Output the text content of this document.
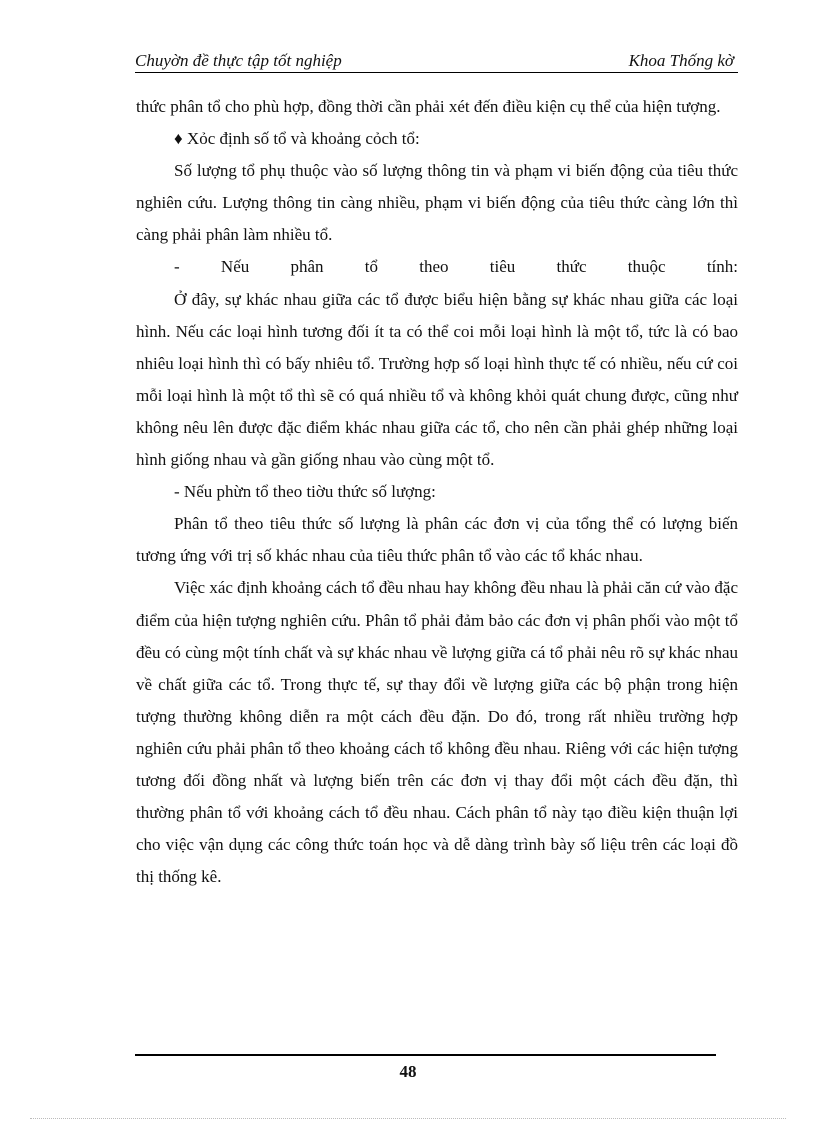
Chuyờn đề thực tập tốt nghiệp	Khoa Thống kờ

thức phân tổ cho phù hợp, đồng thời cần phải xét đến điều kiện cụ thể của hiện tượng.

♦ Xỏc định số tổ và khoảng cỏch tổ:

Số lượng tổ phụ thuộc vào số lượng thông tin và phạm vi biến động của tiêu thức nghiên cứu. Lượng thông tin càng nhiều, phạm vi biến động của tiêu thức càng lớn thì càng phải phân làm nhiều tổ.

- Nếu phân tổ theo tiêu thức thuộc tính:

Ở đây, sự khác nhau giữa các tổ được biểu hiện bằng sự khác nhau giữa các loại hình. Nếu các loại hình tương đối ít ta có thể coi mỗi loại hình là một tổ, tức là có bao nhiêu loại hình thì có bấy nhiêu tổ. Trường hợp số loại hình thực tế có nhiều, nếu cứ coi mỗi loại hình là một tổ thì sẽ có quá nhiều tổ và không khỏi quát chung được, cũng như không nêu lên được đặc điểm khác nhau giữa các tổ, cho nên cần phải ghép những loại hình giống nhau và gần giống nhau vào cùng một tổ.

- Nếu phừn tổ theo tiờu thức số lượng:

Phân tổ theo tiêu thức số lượng là phân các đơn vị của tổng thể có lượng biến tương ứng với trị số khác nhau của tiêu thức phân tổ vào các tổ khác nhau.

Việc xác định khoảng cách tổ đều nhau hay không đều nhau là phải căn cứ vào đặc điểm của hiện tượng nghiên cứu. Phân tổ phải đảm bảo các đơn vị phân phối vào một tổ đều có cùng một tính chất và sự khác nhau về lượng giữa cá tổ phải nêu rõ sự khác nhau về chất giữa các tổ. Trong thực tế, sự thay đổi về lượng giữa các bộ phận trong hiện tượng thường không diễn ra một cách đều đặn. Do đó, trong rất nhiều trường hợp nghiên cứu phải phân tổ theo khoảng cách tổ không đều nhau. Riêng với các hiện tượng tương đối đồng nhất và lượng biến trên các đơn vị thay đổi một cách đều đặn, thì thường phân tổ với khoảng cách tổ đều nhau. Cách phân tổ này tạo điều kiện thuận lợi cho việc vận dụng các công thức toán học và dễ dàng trình bày số liệu trên các loại đồ thị thống kê.

48
